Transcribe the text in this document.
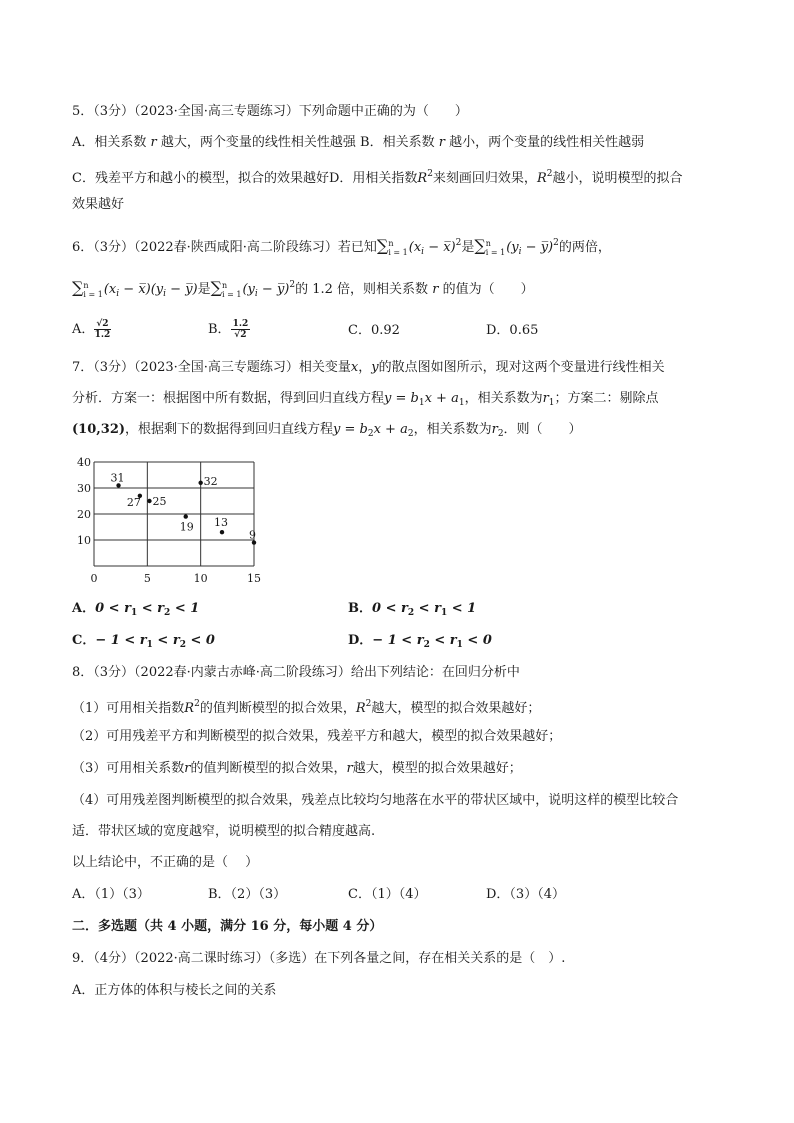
5．（3分）（2023·全国·高三专题练习）下列命题中正确的为（　　）
A．相关系数 r 越大，两个变量的线性相关性越强 B．相关系数 r 越小，两个变量的线性相关性越弱
C．残差平方和越小的模型，拟合的效果越好D．用相关指数$R^2$来刻画回归效果，$R^2$越小，说明模型的拟合
效果越好
6．（3分）（2022春·陕西咸阳·高二阶段练习）若已知∑ n
i = 1 ($x_i$ − x̅)$^2$是∑ n
i = 1 ($y_i$ − y̅)$^2$的两倍，
∑ n
i = 1 ($x_i$ − $x̅)(y_i$ − y̅)是∑ n
i = 1 ($y_i$ − y̅)$^2$的 1.2 倍，则相关系数 r 的值为（　　）
A． $\frac{√2}{1.2}$	B． $\frac{1.2}{√2}$	C．0.92	D．0.65
7．（3分）（2023·全国·高三专题练习）相关变量x，y的散点图如图所示，现对这两个变量进行线性相关
分析．方案一：根据图中所有数据，得到回归直线方程$y = b_1x + a_1$，相关系数为$r_1$；方案二：剔除点
(10,32)，根据剩下的数据得到回归直线方程$y = b_2x + a_2$，相关系数为$r_2$．则（　　）
0	5	10	15
10
20
30
40
31
27 25
32
19 13
9
A．$0 < r_1 < r_2 < 1$	B．$0 < r_2 < r_1 < 1$
C．− $1 < r_1 < r_2 < 0$	D．− $1 < r_2 < r_1 < 0$
8．（3分）（2022春·内蒙古赤峰·高二阶段练习）给出下列结论：在回归分析中
（1）可用相关指数$R^2$的值判断模型的拟合效果，$R^2$越大，模型的拟合效果越好；
（2）可用残差平方和判断模型的拟合效果，残差平方和越大，模型的拟合效果越好；
（3）可用相关系数r的值判断模型的拟合效果，r越大，模型的拟合效果越好；
（4）可用残差图判断模型的拟合效果，残差点比较均匀地落在水平的带状区域中，说明这样的模型比较合
适．带状区域的宽度越窄，说明模型的拟合精度越高.
以上结论中，不正确的是（　 ）
A．（1）（3）	B．（2）（3）	C．（1）（4）	D．（3）（4）
二．多选题（共 4 小题，满分 16 分，每小题 4 分）
9．（4分）（2022·高二课时练习）（多选）在下列各量之间，存在相关关系的是（　）.
A．正方体的体积与棱长之间的关系
